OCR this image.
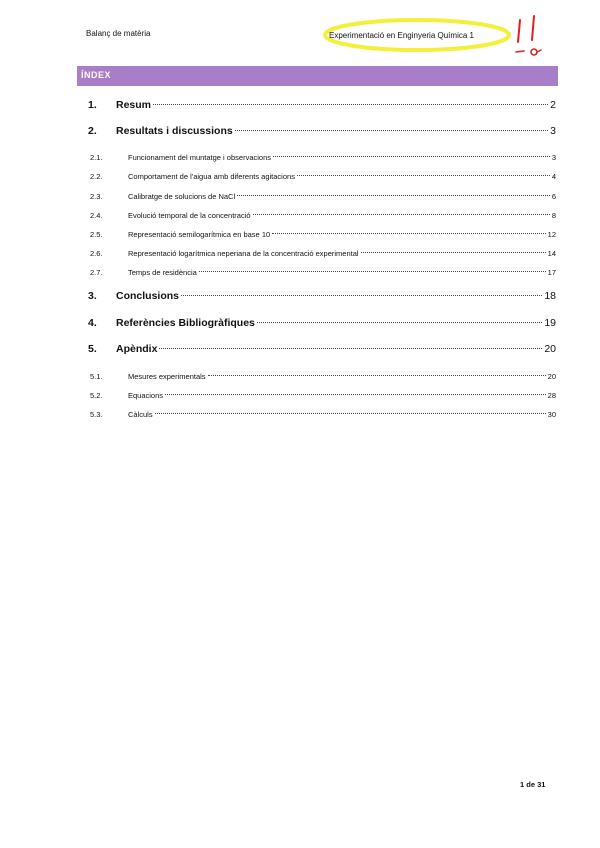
Balanç de matèria	Experimentació en Enginyeria Química 1
ÍNDEX
1. Resum	2
2. Resultats i discussions	3
2.1.	Funcionament del muntatge i observacions	3
2.2.	Comportament de l'aigua amb diferents agitacions	4
2.3.	Calibratge de solucions de NaCl	6
2.4.	Evolució temporal de la concentració	8
2.5.	Representació semilogarítmica en base 10	12
2.6.	Representació logarítmica neperiana de la concentració experimental	14
2.7.	Temps de residència	17
3. Conclusions	18
4. Referències Bibliogràfiques	19
5. Apèndix	20
5.1.	Mesures experimentals	20
5.2.	Equacions	28
5.3.	Càlculs	30
1 de 31
